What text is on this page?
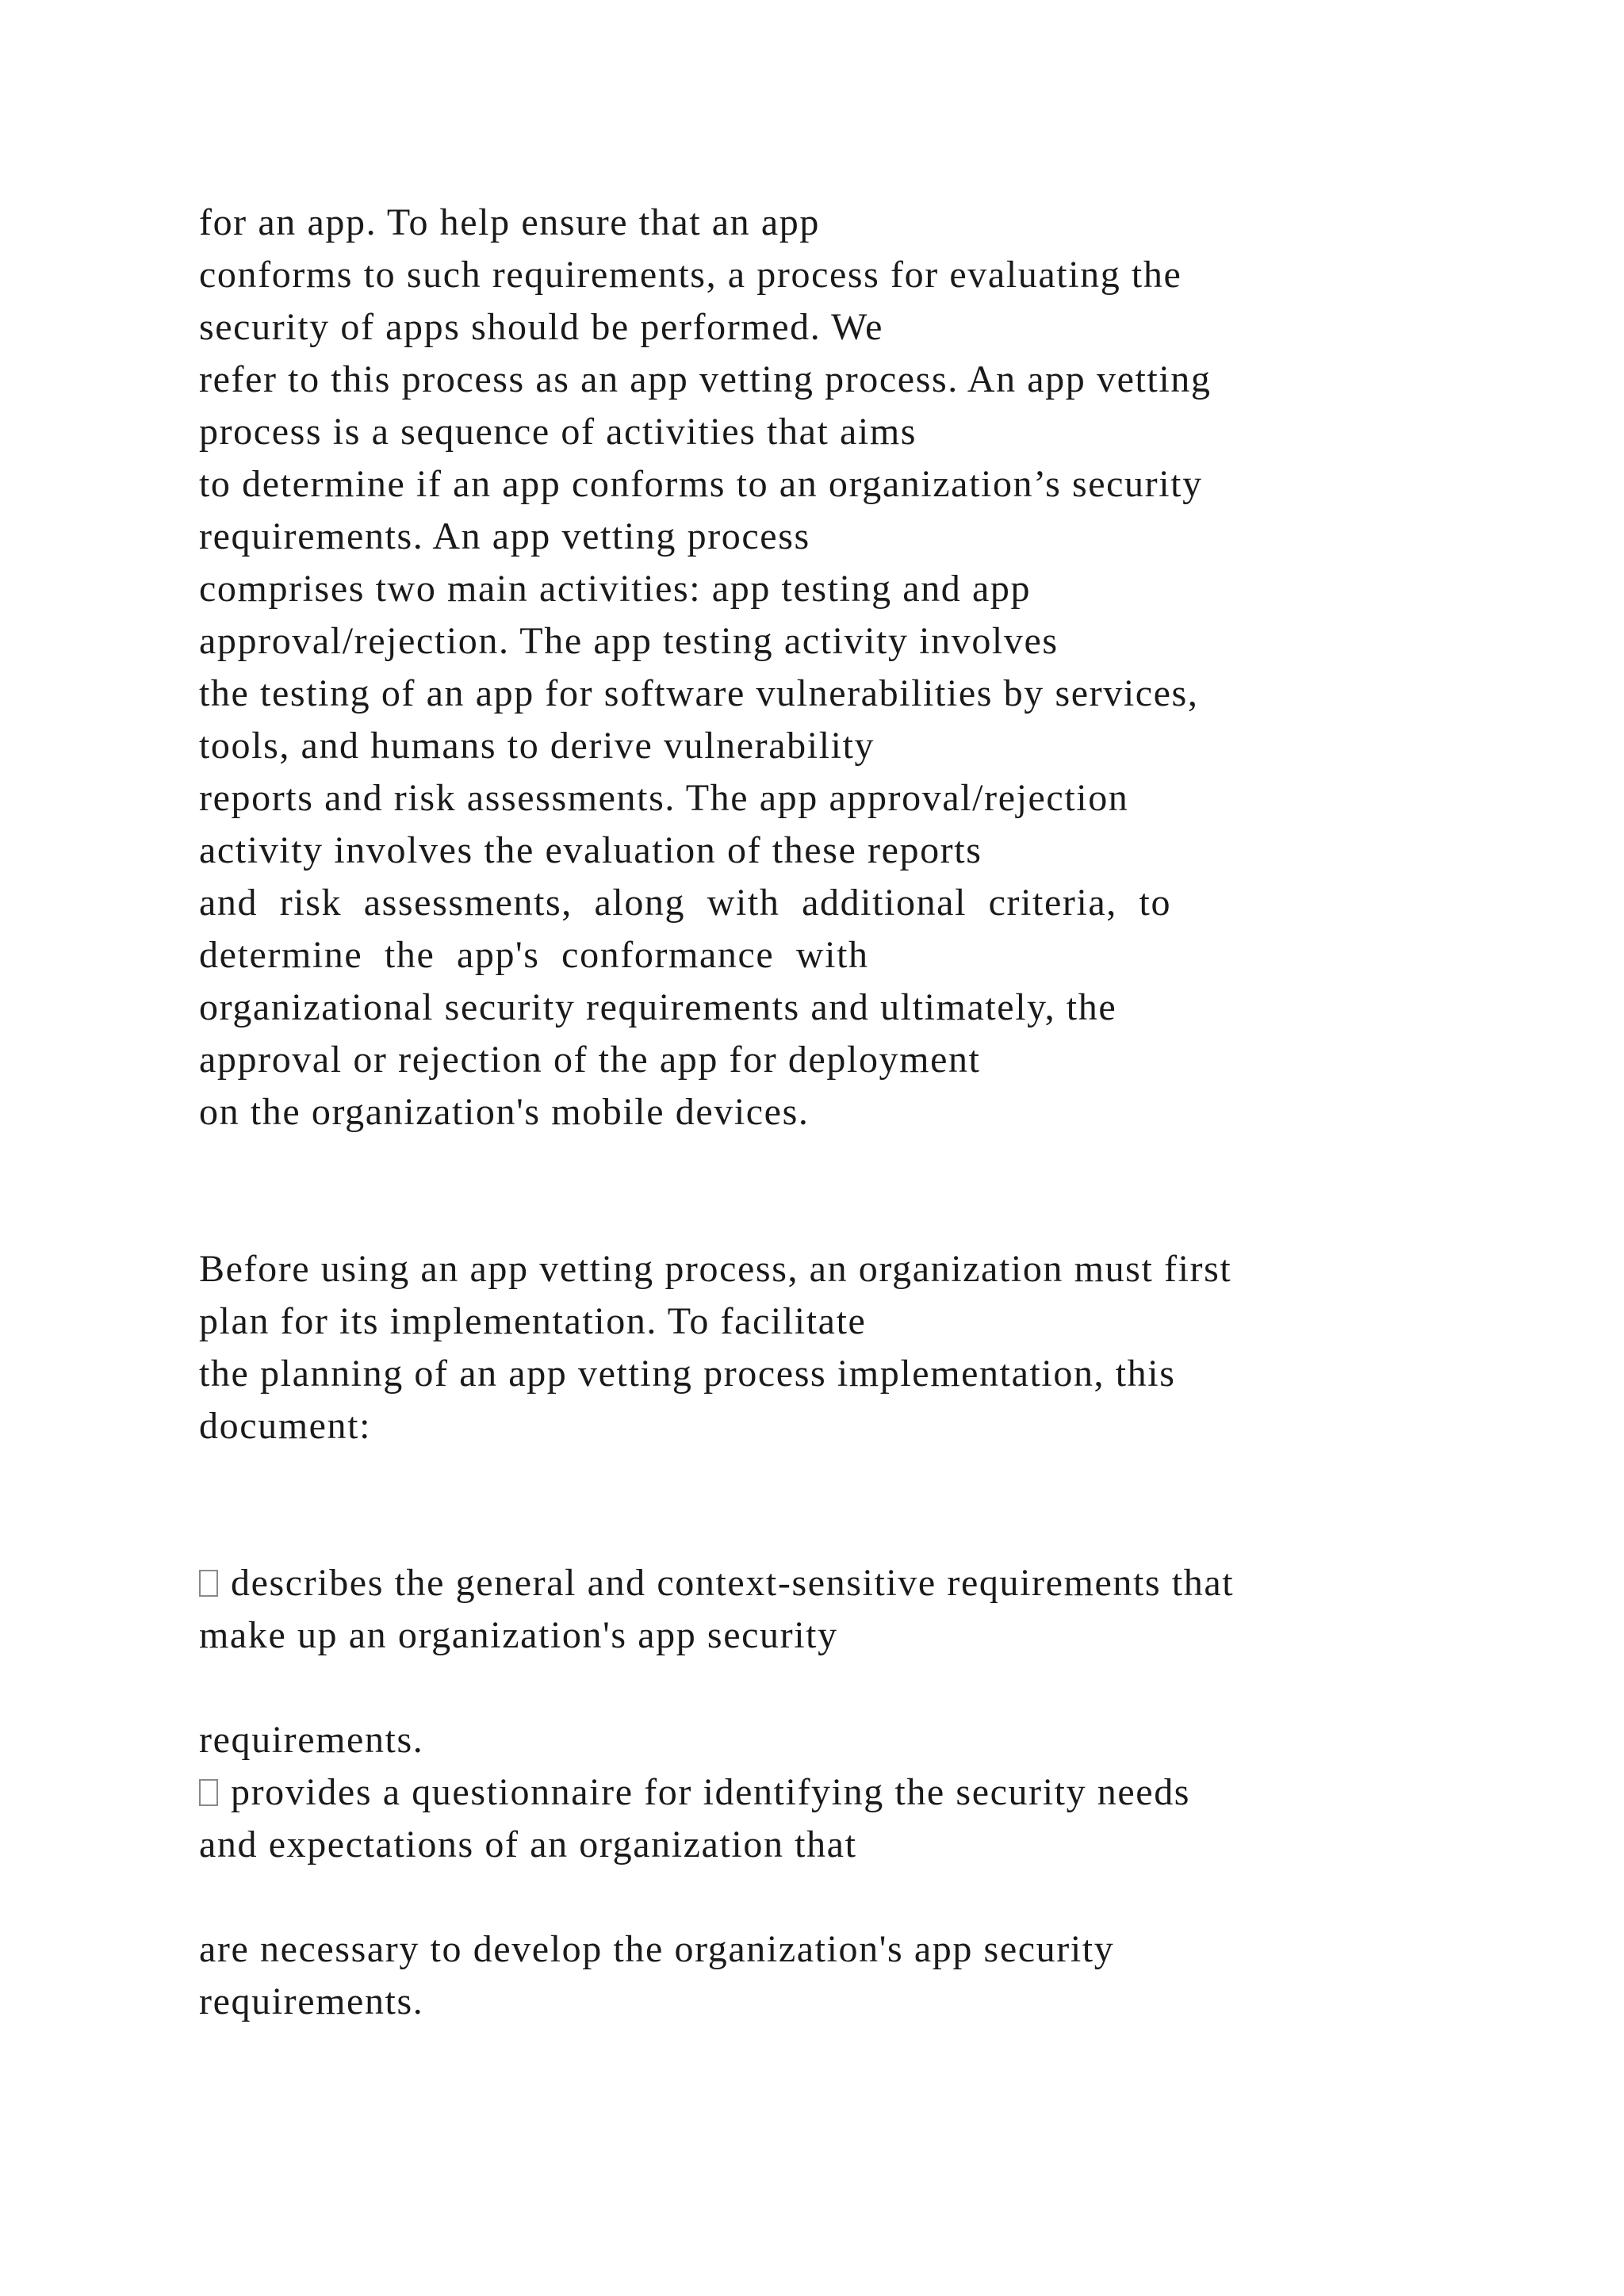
for an app. To help ensure that an app
conforms to such requirements, a process for evaluating the
security of apps should be performed. We
refer to this process as an app vetting process. An app vetting
process is a sequence of activities that aims
to determine if an app conforms to an organization’s security
requirements. An app vetting process
comprises two main activities: app testing and app
approval/rejection. The app testing activity involves
the testing of an app for software vulnerabilities by services,
tools, and humans to derive vulnerability
reports and risk assessments. The app approval/rejection
activity involves the evaluation of these reports
and risk assessments, along with additional criteria, to
determine the app's conformance with
organizational security requirements and ultimately, the
approval or rejection of the app for deployment
on the organization's mobile devices.
Before using an app vetting process, an organization must first
plan for its implementation. To facilitate
the planning of an app vetting process implementation, this
document:
describes the general and context-sensitive requirements that
make up an organization's app security
requirements.
provides a questionnaire for identifying the security needs
and expectations of an organization that
are necessary to develop the organization's app security
requirements.
